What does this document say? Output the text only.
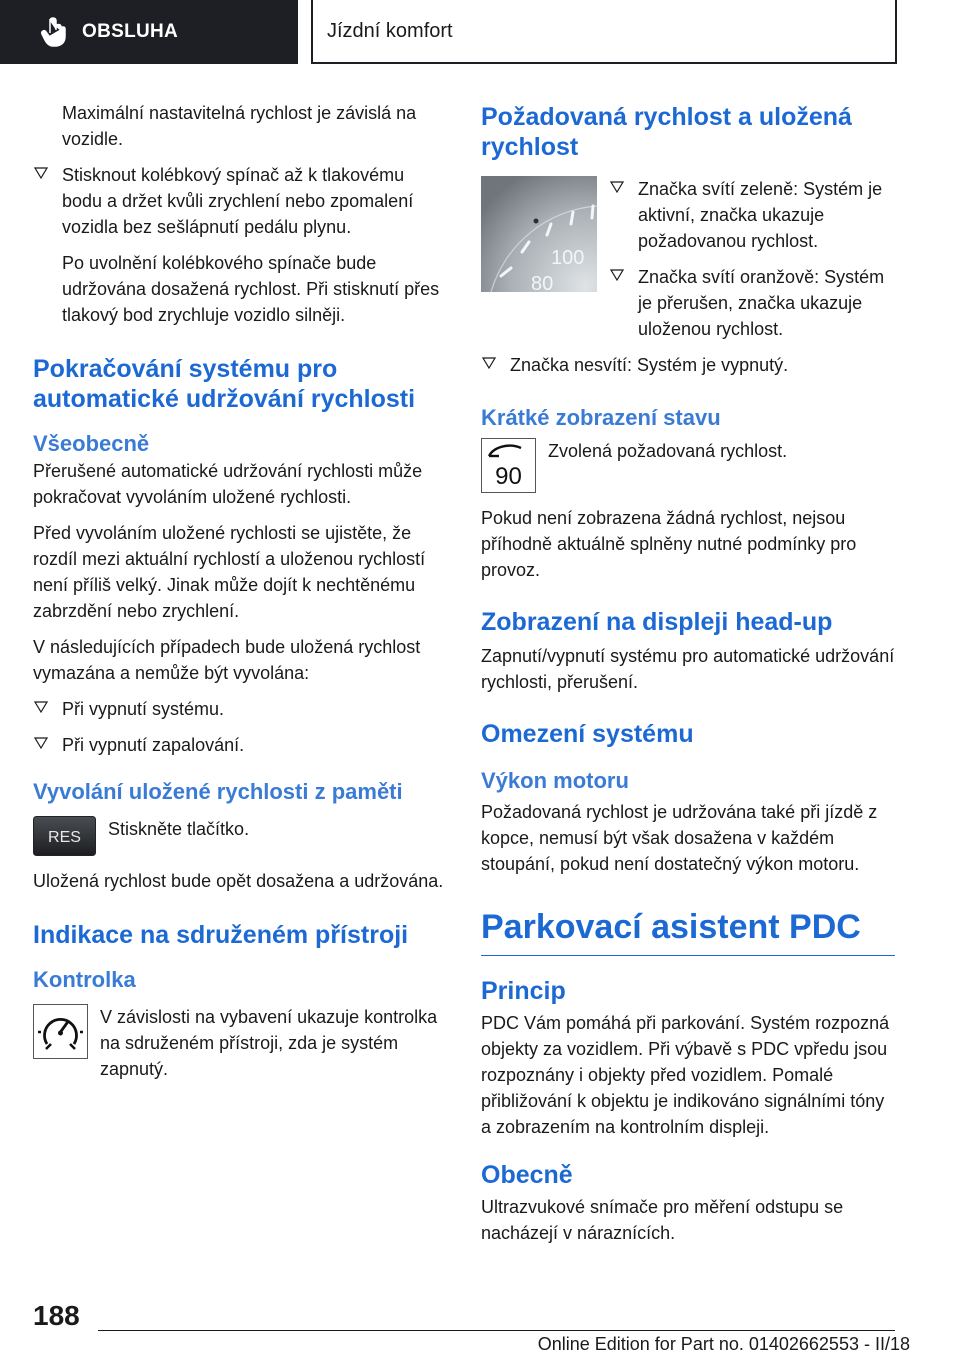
OBSLUHA	Jízdní komfort

Maximální nastavitelná rychlost je závislá na vozidle.

Stisknout kolébkový spínač až k tlakovému bodu a držet kvůli zrychlení nebo zpomalení vozidla bez sešlápnutí pedálu plynu.

Po uvolnění kolébkového spínače bude udržována dosažená rychlost. Při stisknutí přes tlakový bod zrychluje vozidlo silněji.

Pokračování systému pro automatické udržování rychlosti
Všeobecně

Přerušené automatické udržování rychlosti může pokračovat vyvoláním uložené rychlosti.

Před vyvoláním uložené rychlosti se ujistěte, že rozdíl mezi aktuální rychlostí a uloženou rychlostí není příliš velký. Jinak může dojít k nechtěnému zabrzdění nebo zrychlení.

V následujících případech bude uložená rychlost vymazána a nemůže být vyvolána:

Při vypnutí systému.
Při vypnutí zapalování.
Vyvolání uložené rychlosti z paměti
RES Stiskněte tlačítko.

Uložená rychlost bude opět dosažena a udržována.

Indikace na sdruženém přístroji
Kontrolka
V závislosti na vybavení ukazuje kontrolka na sdruženém přístroji, zda je systém zapnutý.
Požadovaná rychlost a uložená rychlost
100
80
Značka svítí zeleně: Systém je aktivní, značka ukazuje požadovanou rychlost.
Značka svítí oranžově: Systém je přerušen, značka ukazuje uloženou rychlost.
Značka nesvítí: Systém je vypnutý.
Krátké zobrazení stavu
90
Zvolená požadovaná rychlost.

Pokud není zobrazena žádná rychlost, nejsou příhodně aktuálně splněny nutné podmínky pro provoz.

Zobrazení na displeji head-up

Zapnutí/vypnutí systému pro automatické udržování rychlosti, přerušení.

Omezení systému
Výkon motoru

Požadovaná rychlost je udržována také při jízdě z kopce, nemusí být však dosažena v každém stoupání, pokud není dostatečný výkon motoru.

Parkovací asistent PDC
Princip

PDC Vám pomáhá při parkování. Systém rozpozná objekty za vozidlem. Při výbavě s PDC vpředu jsou rozpoznány i objekty před vozidlem. Pomalé přibližování k objektu je indikováno signálními tóny a zobrazením na kontrolním displeji.

Obecně

Ultrazvukové snímače pro měření odstupu se nacházejí v náraznících.

188
Online Edition for Part no. 01402662553 - II/18
